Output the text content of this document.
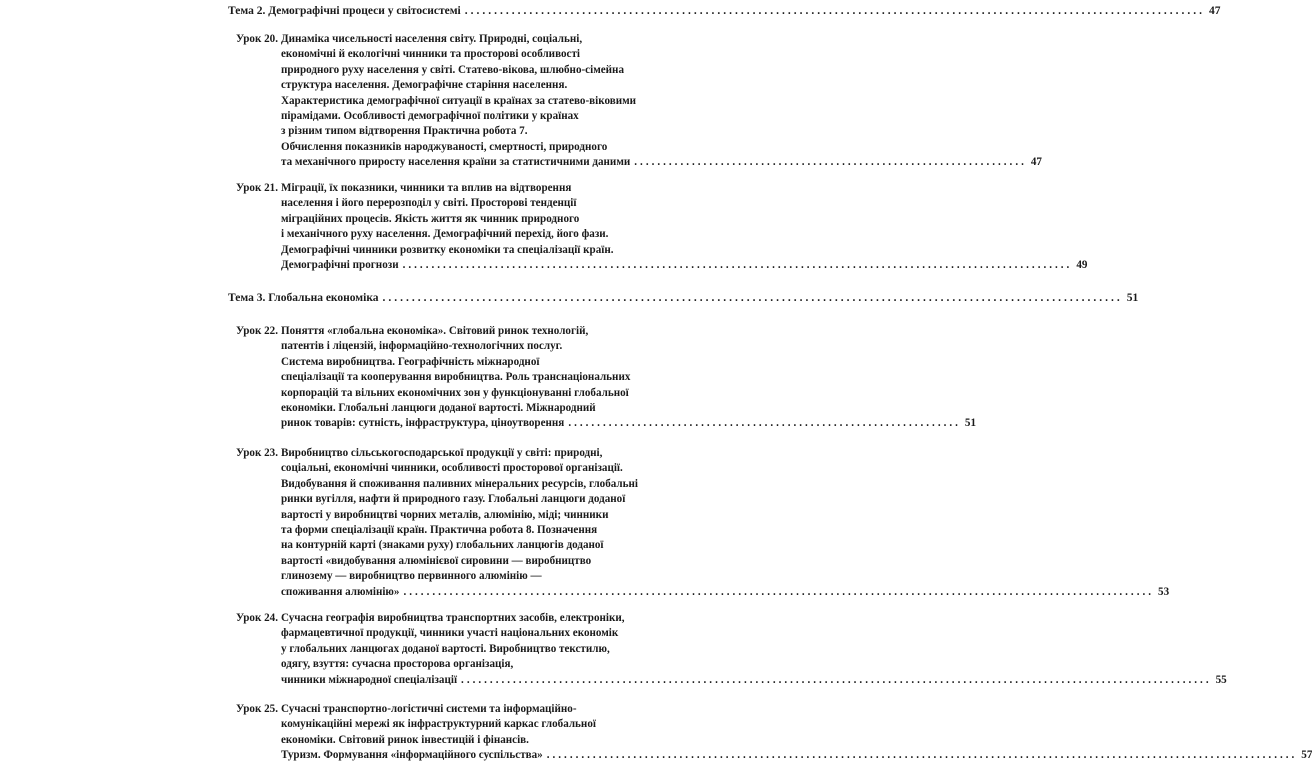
Тема 2. Демографічні процеси у світосистемі .............................................................................................................................. 47
Урок 20. Динаміка чисельності населення світу. Природні, соціальні,
економічні й екологічні чинники та просторові особливості
природного руху населення у світі. Статево-вікова, шлюбно-сімейна
структура населення. Демографічне старіння населення.
Характеристика демографічної ситуації в країнах за статево-віковими
пірамідами. Особливості демографічної політики у країнах
з різним типом відтворення Практична робота 7.
Обчислення показників народжуваності, смертності, природного
та механічного приросту населення країни за статистичними даними .................................................................... 47
Урок 21. Міграції, їх показники, чинники та вплив на відтворення
населення і його перерозподіл у світі. Просторові тенденції
міграційних процесів. Якість життя як чинник природного
і механічного руху населення. Демографічний перехід, його фази.
Демографічні чинники розвитку економіки та спеціалізації країн.
Демографічні прогнози .................................................................................................................... 49
Тема 3. Глобальна економіка .............................................................................................................................. 51
Урок 22. Поняття «глобальна економіка». Світовий ринок технологій,
патентів і ліцензій, інформаційно-технологічних послуг.
Система виробництва. Географічність міжнародної
спеціалізації та кооперування виробництва. Роль транснаціональних
корпорацій та вільних економічних зон у функціонуванні глобальної
економіки. Глобальні ланцюги доданої вартості. Міжнародний
ринок товарів: сутність, інфраструктура, ціноутворення .................................................................... 51
Урок 23. Виробництво сільськогосподарської продукції у світі: природні,
соціальні, економічні чинники, особливості просторової організації.
Видобування й споживання паливних мінеральних ресурсів, глобальні
ринки вугілля, нафти й природного газу. Глобальні ланцюги доданої
вартості у виробництві чорних металів, алюмінію, міді; чинники
та форми спеціалізації країн. Практична робота 8. Позначення
на контурній карті (знаками руху) глобальних ланцюгів доданої
вартості «видобування алюмінієвої сировини — виробництво
глинозему — виробництво первинного алюмінію —
споживання алюмінію» .................................................................................................................................. 53
Урок 24. Сучасна географія виробництва транспортних засобів, електроніки,
фармацевтичної продукції, чинники участі національних економік
у глобальних ланцюгах доданої вартості. Виробництво текстилю,
одягу, взуття: сучасна просторова організація,
чинники міжнародної спеціалізації .................................................................................................................................. 55
Урок 25. Сучасні транспортно-логістичні системи та інформаційно-
комунікаційні мережі як інфраструктурний каркас глобальної
економіки. Світовий ринок інвестицій і фінансів.
Туризм. Формування «інформаційного суспільства» .................................................................................................................................. 57
